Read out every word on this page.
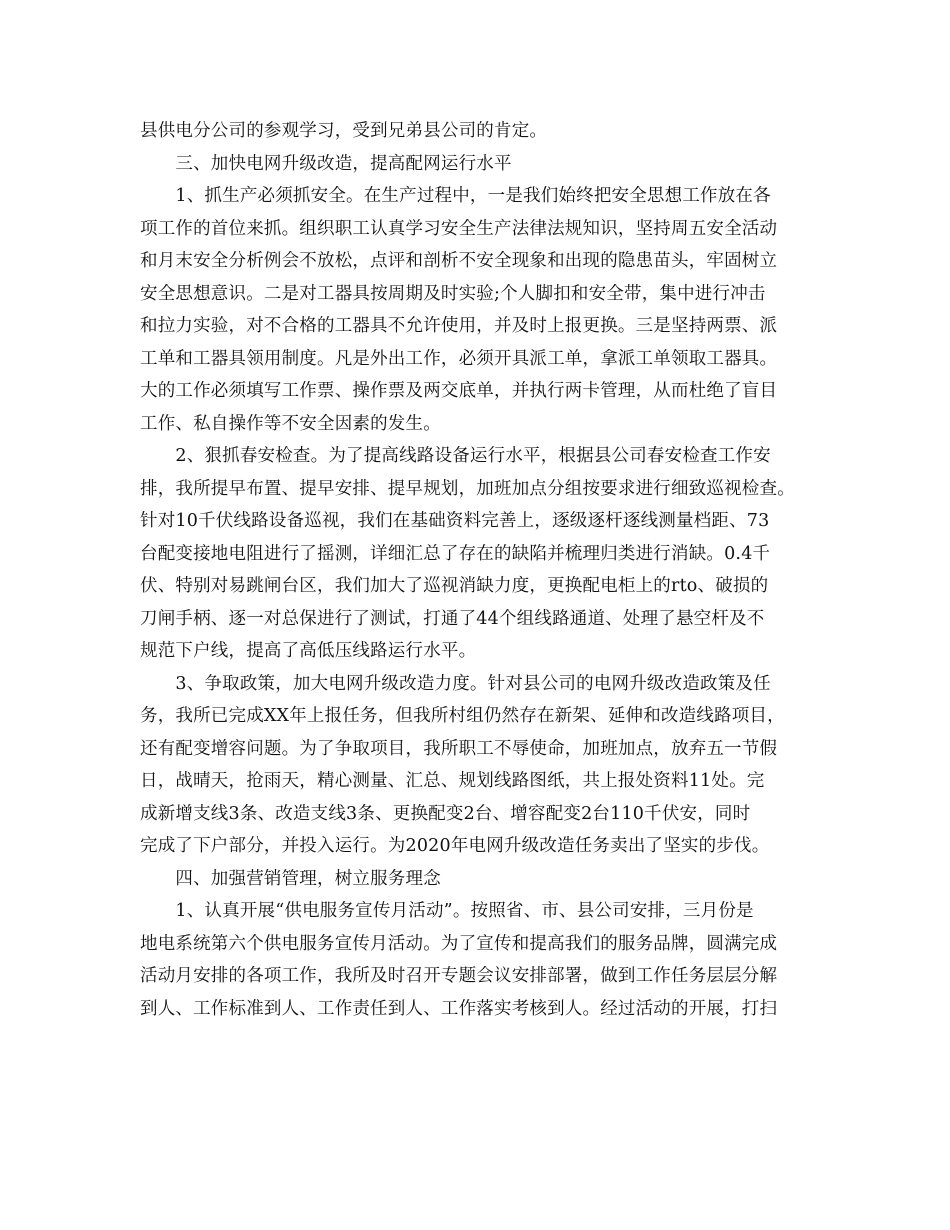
县供电分公司的参观学习，受到兄弟县公司的肯定。
　　三、加快电网升级改造，提高配网运行水平
　　1、抓生产必须抓安全。在生产过程中，一是我们始终把安全思想工作放在各
项工作的首位来抓。组织职工认真学习安全生产法律法规知识，坚持周五安全活动
和月末安全分析例会不放松，点评和剖析不安全现象和出现的隐患苗头，牢固树立
安全思想意识。二是对工器具按周期及时实验;个人脚扣和安全带，集中进行冲击
和拉力实验，对不合格的工器具不允许使用，并及时上报更换。三是坚持两票、派
工单和工器具领用制度。凡是外出工作，必须开具派工单，拿派工单领取工器具。
大的工作必须填写工作票、操作票及两交底单，并执行两卡管理，从而杜绝了盲目
工作、私自操作等不安全因素的发生。
　　2、狠抓春安检查。为了提高线路设备运行水平，根据县公司春安检查工作安
排，我所提早布置、提早安排、提早规划，加班加点分组按要求进行细致巡视检查。
针对10千伏线路设备巡视，我们在基础资料完善上，逐级逐杆逐线测量档距、73
台配变接地电阻进行了摇测，详细汇总了存在的缺陷并梳理归类进行消缺。0.4千
伏、特别对易跳闸台区，我们加大了巡视消缺力度，更换配电柜上的rto、破损的
刀闸手柄、逐一对总保进行了测试，打通了44个组线路通道、处理了悬空杆及不
规范下户线，提高了高低压线路运行水平。
　　3、争取政策，加大电网升级改造力度。针对县公司的电网升级改造政策及任
务，我所已完成XX年上报任务，但我所村组仍然存在新架、延伸和改造线路项目，
还有配变增容问题。为了争取项目，我所职工不辱使命，加班加点，放弃五一节假
日，战晴天，抢雨天，精心测量、汇总、规划线路图纸，共上报处资料11处。完
成新增支线3条、改造支线3条、更换配变2台、增容配变2台110千伏安，同时
完成了下户部分，并投入运行。为2020年电网升级改造任务卖出了坚实的步伐。
　　四、加强营销管理，树立服务理念
　　1、认真开展“供电服务宣传月活动”。按照省、市、县公司安排，三月份是
地电系统第六个供电服务宣传月活动。为了宣传和提高我们的服务品牌，圆满完成
活动月安排的各项工作，我所及时召开专题会议安排部署，做到工作任务层层分解
到人、工作标准到人、工作责任到人、工作落实考核到人。经过活动的开展，打扫
